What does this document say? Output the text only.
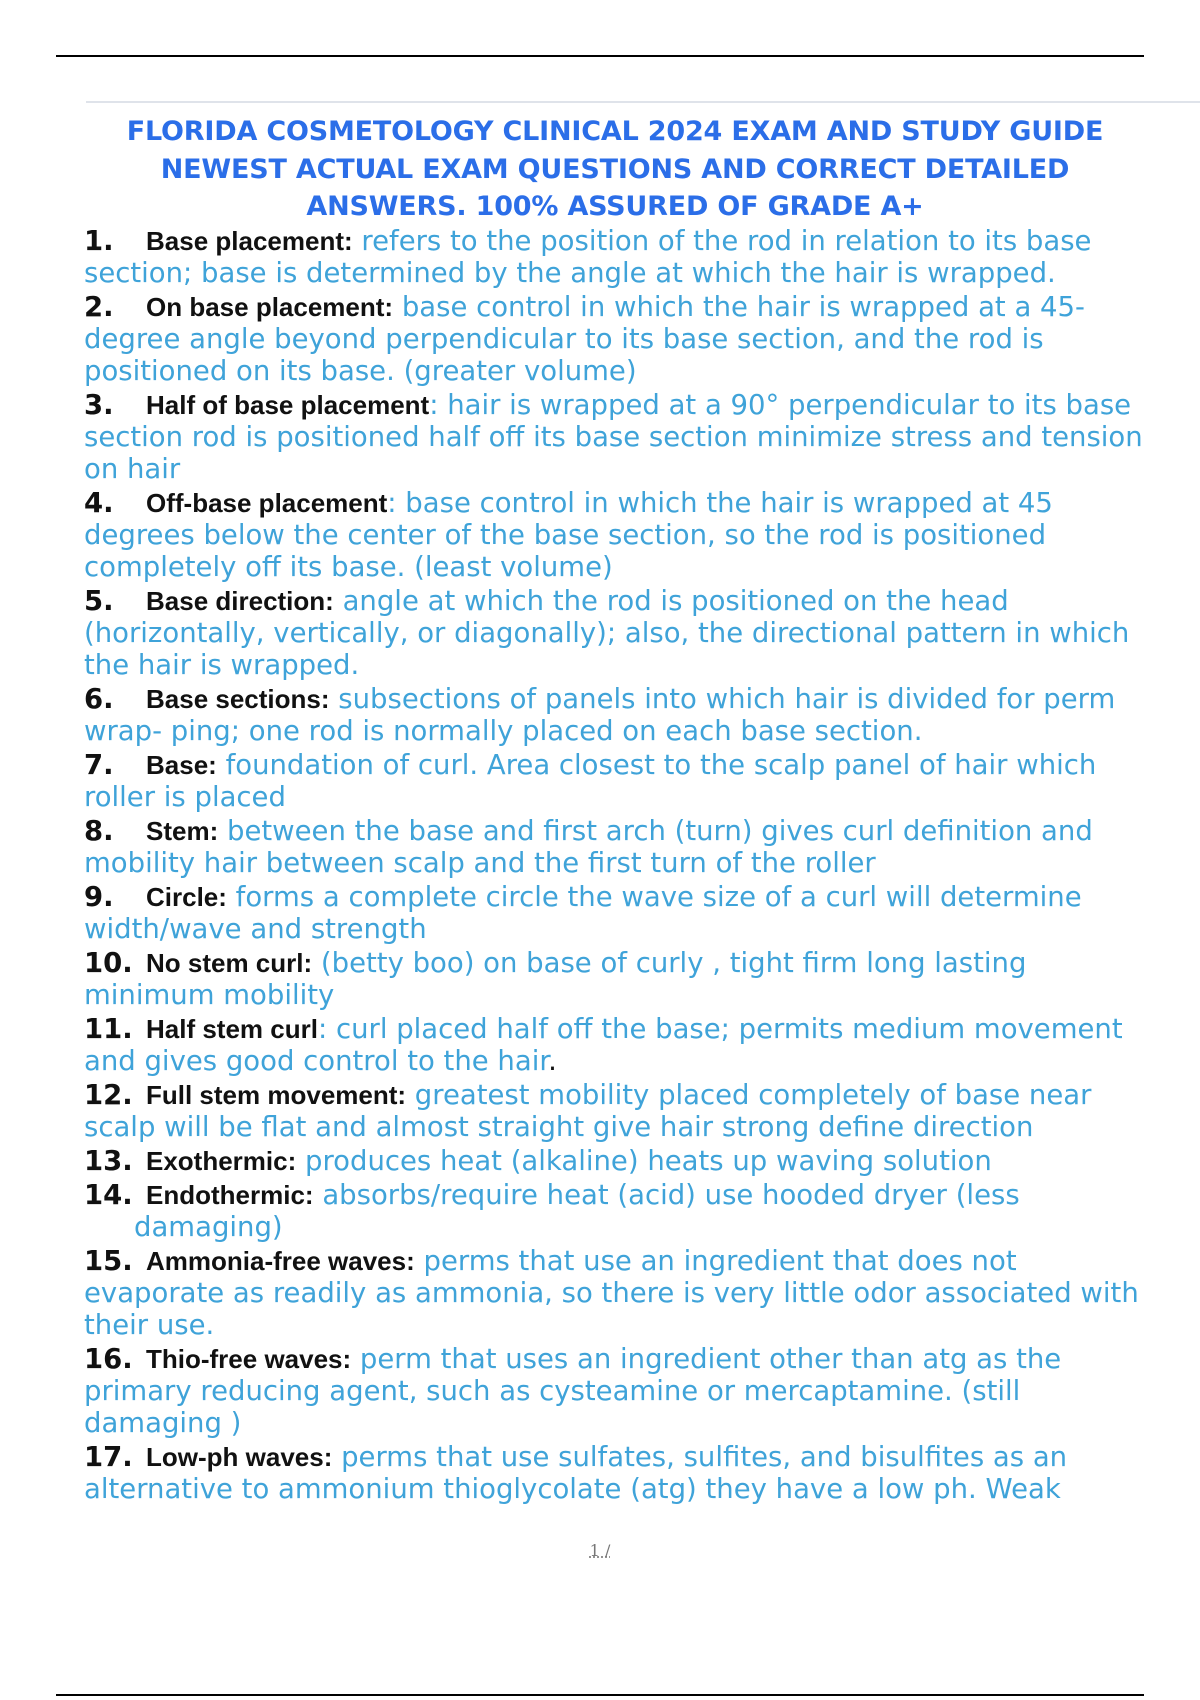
FLORIDA COSMETOLOGY CLINICAL 2024 EXAM AND STUDY GUIDE
NEWEST ACTUAL EXAM QUESTIONS AND CORRECT DETAILED
ANSWERS. 100% ASSURED OF GRADE A+
1. Base placement: refers to the position of the rod in relation to its base section; base is determined by the angle at which the hair is wrapped.
2. On base placement: base control in which the hair is wrapped at a 45-degree angle beyond perpendicular to its base section, and the rod is positioned on its base. (greater volume)
3. Half of base placement: hair is wrapped at a 90° perpendicular to its base section rod is positioned half off its base section minimize stress and tension on hair
4. Off-base placement: base control in which the hair is wrapped at 45 degrees below the center of the base section, so the rod is positioned completely off its base. (least volume)
5. Base direction: angle at which the rod is positioned on the head (horizontally, vertically, or diagonally); also, the directional pattern in which the hair is wrapped.
6. Base sections: subsections of panels into which hair is divided for perm wrap- ping; one rod is normally placed on each base section.
7. Base: foundation of curl. Area closest to the scalp panel of hair which roller is placed
8. Stem: between the base and first arch (turn) gives curl definition and mobility hair between scalp and the first turn of the roller
9. Circle: forms a complete circle the wave size of a curl will determine width/wave and strength
10. No stem curl: (betty boo) on base of curly , tight firm long lasting minimum mobility
11. Half stem curl: curl placed half off the base; permits medium movement and gives good control to the hair.
12. Full stem movement: greatest mobility placed completely of base near scalp will be flat and almost straight give hair strong define direction
13. Exothermic: produces heat (alkaline) heats up waving solution
14. Endothermic: absorbs/require heat (acid) use hooded dryer (less
damaging)
15. Ammonia-free waves: perms that use an ingredient that does not evaporate as readily as ammonia, so there is very little odor associated with their use.
16. Thio-free waves: perm that uses an ingredient other than atg as the primary reducing agent, such as cysteamine or mercaptamine. (still damaging )
17. Low-ph waves: perms that use sulfates, sulfites, and bisulfites as an alternative to ammonium thioglycolate (atg) they have a low ph. Weak
1 /
